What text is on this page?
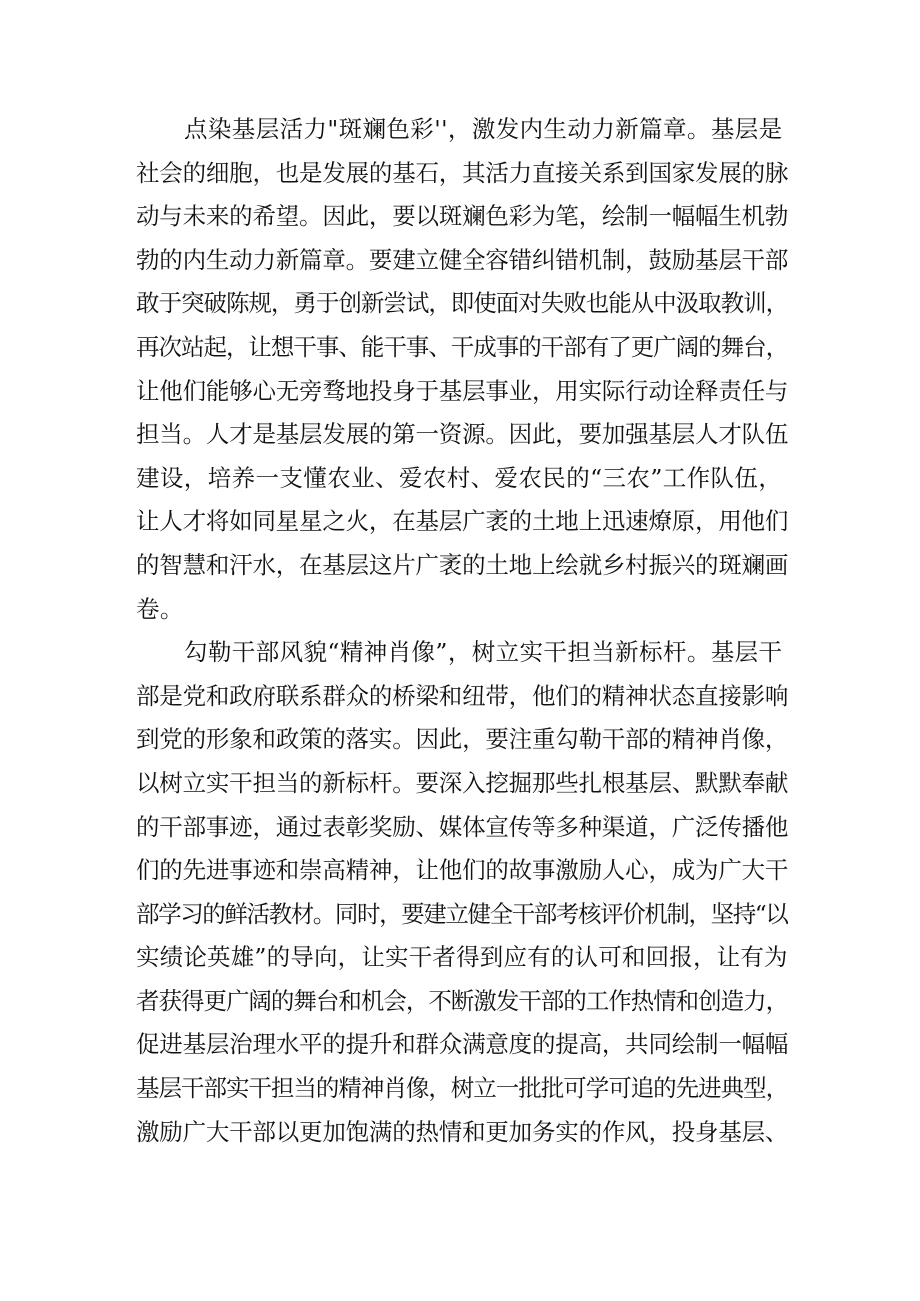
点染基层活力"斑斓色彩''，激发内生动力新篇章。基层是
社会的细胞，也是发展的基石，其活力直接关系到国家发展的脉
动与未来的希望。因此，要以斑斓色彩为笔，绘制一幅幅生机勃
勃的内生动力新篇章。要建立健全容错纠错机制，鼓励基层干部
敢于突破陈规，勇于创新尝试，即使面对失败也能从中汲取教训，
再次站起，让想干事、能干事、干成事的干部有了更广阔的舞台，
让他们能够心无旁骛地投身于基层事业，用实际行动诠释责任与
担当。人才是基层发展的第一资源。因此，要加强基层人才队伍
建设，培养一支懂农业、爱农村、爱农民的“三农”工作队伍，
让人才将如同星星之火，在基层广袤的土地上迅速燎原，用他们
的智慧和汗水，在基层这片广袤的土地上绘就乡村振兴的斑斓画
卷。
勾勒干部风貌“精神肖像”，树立实干担当新标杆。基层干
部是党和政府联系群众的桥梁和纽带，他们的精神状态直接影响
到党的形象和政策的落实。因此，要注重勾勒干部的精神肖像，
以树立实干担当的新标杆。要深入挖掘那些扎根基层、默默奉献
的干部事迹，通过表彰奖励、媒体宣传等多种渠道，广泛传播他
们的先进事迹和崇高精神，让他们的故事激励人心，成为广大干
部学习的鲜活教材。同时，要建立健全干部考核评价机制，坚持“以
实绩论英雄”的导向，让实干者得到应有的认可和回报，让有为
者获得更广阔的舞台和机会，不断激发干部的工作热情和创造力，
促进基层治理水平的提升和群众满意度的提高，共同绘制一幅幅
基层干部实干担当的精神肖像，树立一批批可学可追的先进典型，
激励广大干部以更加饱满的热情和更加务实的作风，投身基层、
